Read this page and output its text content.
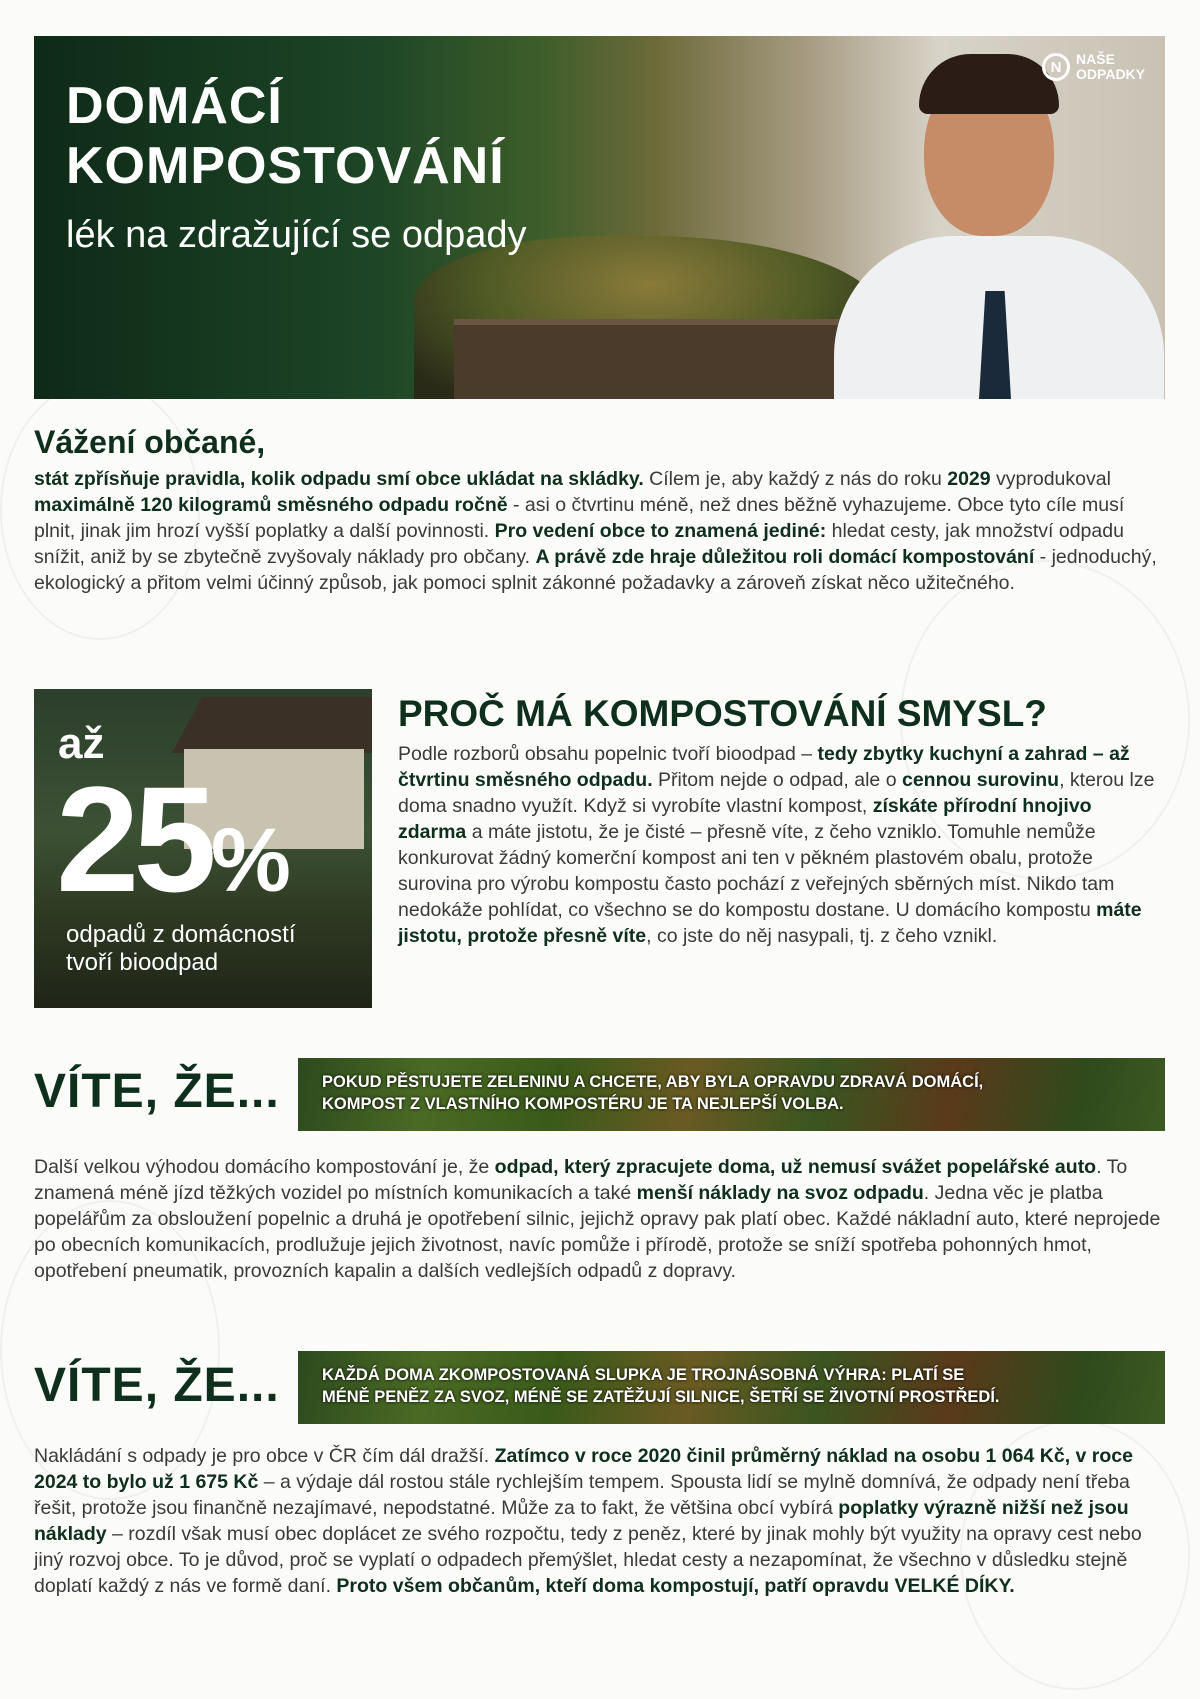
DOMÁCÍ
KOMPOSTOVÁNÍ
lék na zdražující se odpady
N	NAŠE
ODPADKY
Vážení občané,
stát zpřísňuje pravidla, kolik odpadu smí obce ukládat na skládky. Cílem je, aby každý z nás do roku 2029 vyprodukoval maximálně 120 kilogramů směsného odpadu ročně - asi o čtvrtinu méně, než dnes běžně vyhazujeme. Obce tyto cíle musí plnit, jinak jim hrozí vyšší poplatky a další povinnosti. Pro vedení obce to znamená jediné: hledat cesty, jak množství odpadu snížit, aniž by se zbytečně zvyšovaly náklady pro občany. A právě zde hraje důležitou roli domácí kompostování - jednoduchý, ekologický a přitom velmi účinný způsob, jak pomoci splnit zákonné požadavky a zároveň získat něco užitečného.
až
25%
odpadů z domácností
tvoří bioodpad
PROČ MÁ KOMPOSTOVÁNÍ SMYSL?
Podle rozborů obsahu popelnic tvoří bioodpad – tedy zbytky kuchyní a zahrad – až čtvrtinu směsného odpadu. Přitom nejde o odpad, ale o cennou surovinu, kterou lze doma snadno využít. Když si vyrobíte vlastní kompost, získáte přírodní hnojivo zdarma a máte jistotu, že je čisté – přesně víte, z čeho vzniklo. Tomuhle nemůže konkurovat žádný komerční kompost ani ten v pěkném plastovém obalu, protože surovina pro výrobu kompostu často pochází z veřejných sběrných míst. Nikdo tam nedokáže pohlídat, co všechno se do kompostu dostane. U domácího kompostu máte jistotu, protože přesně víte, co jste do něj nasypali, tj. z čeho vznikl.
VÍTE, ŽE...	POKUD PĚSTUJETE ZELENINU A CHCETE, ABY BYLA OPRAVDU ZDRAVÁ DOMÁCÍ,
KOMPOST Z VLASTNÍHO KOMPOSTÉRU JE TA NEJLEPŠÍ VOLBA.
Další velkou výhodou domácího kompostování je, že odpad, který zpracujete doma, už nemusí svážet popelářské auto. To znamená méně jízd těžkých vozidel po místních komunikacích a také menší náklady na svoz odpadu. Jedna věc je platba popelářům za obsloužení popelnic a druhá je opotřebení silnic, jejichž opravy pak platí obec. Každé nákladní auto, které neprojede po obecních komunikacích, prodlužuje jejich životnost, navíc pomůže i přírodě, protože se sníží spotřeba pohonných hmot, opotřebení pneumatik, provozních kapalin a dalších vedlejších odpadů z dopravy.
VÍTE, ŽE...	KAŽDÁ DOMA ZKOMPOSTOVANÁ SLUPKA JE TROJNÁSOBNÁ VÝHRA: PLATÍ SE
MÉNĚ PENĚZ ZA SVOZ, MÉNĚ SE ZATĚŽUJÍ SILNICE, ŠETŘÍ SE ŽIVOTNÍ PROSTŘEDÍ.
Nakládání s odpady je pro obce v ČR čím dál dražší. Zatímco v roce 2020 činil průměrný náklad na osobu 1 064 Kč, v roce 2024 to bylo už 1 675 Kč – a výdaje dál rostou stále rychlejším tempem. Spousta lidí se mylně domnívá, že odpady není třeba řešit, protože jsou finančně nezajímavé, nepodstatné. Může za to fakt, že většina obcí vybírá poplatky výrazně nižší než jsou náklady – rozdíl však musí obec doplácet ze svého rozpočtu, tedy z peněz, které by jinak mohly být využity na opravy cest nebo jiný rozvoj obce. To je důvod, proč se vyplatí o odpadech přemýšlet, hledat cesty a nezapomínat, že všechno v důsledku stejně doplatí každý z nás ve formě daní. Proto všem občanům, kteří doma kompostují, patří opravdu VELKÉ DÍKY.
